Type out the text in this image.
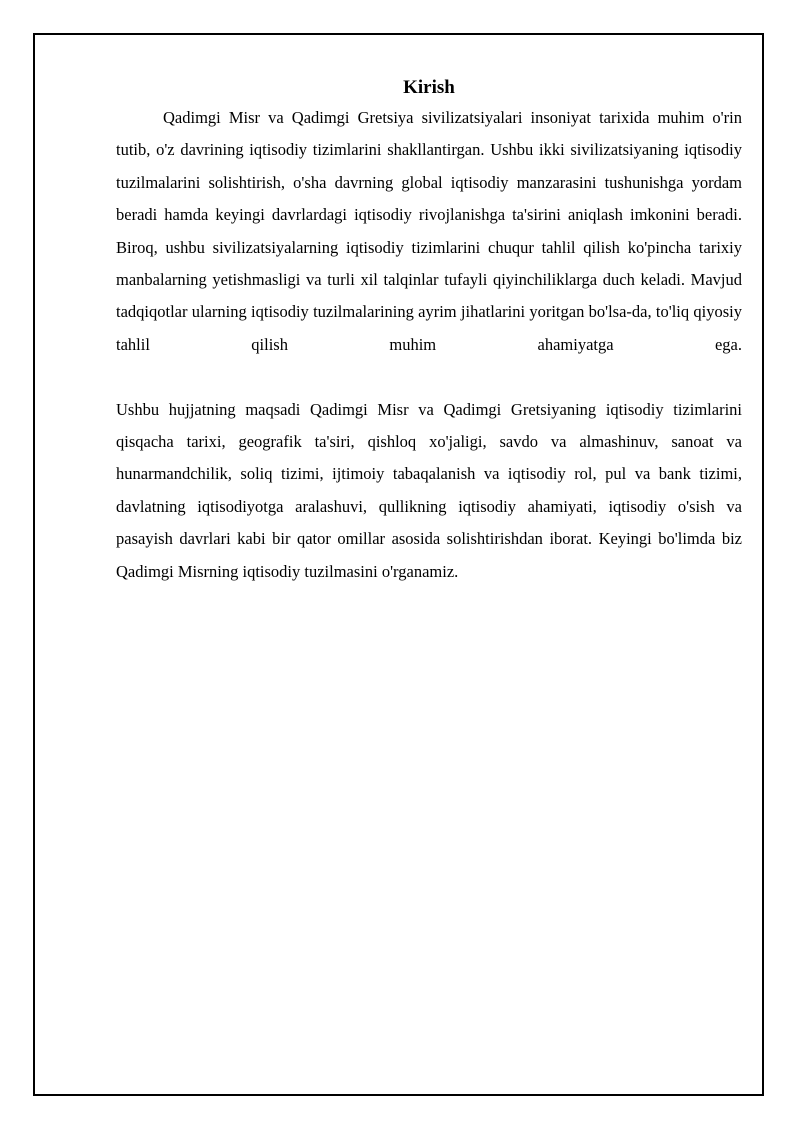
Kirish

Qadimgi Misr va Qadimgi Gretsiya sivilizatsiyalari insoniyat tarixida muhim o'rin tutib, o'z davrining iqtisodiy tizimlarini shakllantirgan. Ushbu ikki sivilizatsiyaning iqtisodiy tuzilmalarini solishtirish, o'sha davrning global iqtisodiy manzarasini tushunishga yordam beradi hamda keyingi davrlardagi iqtisodiy rivojlanishga ta'sirini aniqlash imkonini beradi. Biroq, ushbu sivilizatsiyalarning iqtisodiy tizimlarini chuqur tahlil qilish ko'pincha tarixiy manbalarning yetishmasligi va turli xil talqinlar tufayli qiyinchiliklarga duch keladi. Mavjud tadqiqotlar ularning iqtisodiy tuzilmalarining ayrim jihatlarini yoritgan bo'lsa-da, to'liq qiyosiy tahlil qilish muhim ahamiyatga ega.

Ushbu hujjatning maqsadi Qadimgi Misr va Qadimgi Gretsiyaning iqtisodiy tizimlarini qisqacha tarixi, geografik ta'siri, qishloq xo'jaligi, savdo va almashinuv, sanoat va hunarmandchilik, soliq tizimi, ijtimoiy tabaqalanish va iqtisodiy rol, pul va bank tizimi, davlatning iqtisodiyotga aralashuvi, qullikning iqtisodiy ahamiyati, iqtisodiy o'sish va pasayish davrlari kabi bir qator omillar asosida solishtirishdan iborat. Keyingi bo'limda biz Qadimgi Misrning iqtisodiy tuzilmasini o'rganamiz.
